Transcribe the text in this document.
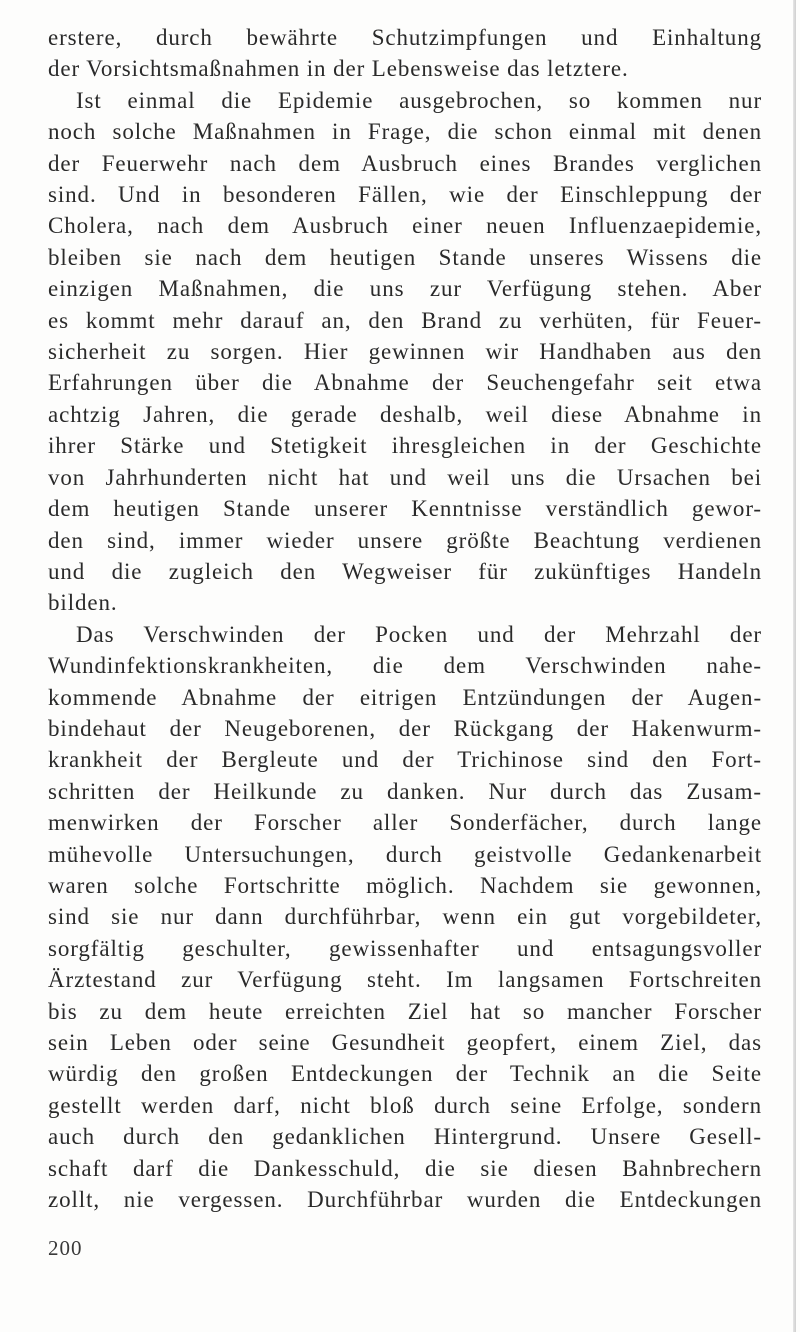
erstere, durch bewährte Schutzimpfungen und Einhaltung
der Vorsichtsmaßnahmen in der Lebensweise das letztere.
Ist einmal die Epidemie ausgebrochen, so kommen nur
noch solche Maßnahmen in Frage, die schon einmal mit denen
der Feuerwehr nach dem Ausbruch eines Brandes verglichen
sind. Und in besonderen Fällen, wie der Einschleppung der
Cholera, nach dem Ausbruch einer neuen Influenzaepidemie,
bleiben sie nach dem heutigen Stande unseres Wissens die
einzigen Maßnahmen, die uns zur Verfügung stehen. Aber
es kommt mehr darauf an, den Brand zu verhüten, für Feuer-
sicherheit zu sorgen. Hier gewinnen wir Handhaben aus den
Erfahrungen über die Abnahme der Seuchengefahr seit etwa
achtzig Jahren, die gerade deshalb, weil diese Abnahme in
ihrer Stärke und Stetigkeit ihresgleichen in der Geschichte
von Jahrhunderten nicht hat und weil uns die Ursachen bei
dem heutigen Stande unserer Kenntnisse verständlich gewor-
den sind, immer wieder unsere größte Beachtung verdienen
und die zugleich den Wegweiser für zukünftiges Handeln
bilden.
Das Verschwinden der Pocken und der Mehrzahl der
Wundinfektionskrankheiten, die dem Verschwinden nahe-
kommende Abnahme der eitrigen Entzündungen der Augen-
bindehaut der Neugeborenen, der Rückgang der Hakenwurm-
krankheit der Bergleute und der Trichinose sind den Fort-
schritten der Heilkunde zu danken. Nur durch das Zusam-
menwirken der Forscher aller Sonderfächer, durch lange
mühevolle Untersuchungen, durch geistvolle Gedankenarbeit
waren solche Fortschritte möglich. Nachdem sie gewonnen,
sind sie nur dann durchführbar, wenn ein gut vorgebildeter,
sorgfältig geschulter, gewissenhafter und entsagungsvoller
Ärztestand zur Verfügung steht. Im langsamen Fortschreiten
bis zu dem heute erreichten Ziel hat so mancher Forscher
sein Leben oder seine Gesundheit geopfert, einem Ziel, das
würdig den großen Entdeckungen der Technik an die Seite
gestellt werden darf, nicht bloß durch seine Erfolge, sondern
auch durch den gedanklichen Hintergrund. Unsere Gesell-
schaft darf die Dankesschuld, die sie diesen Bahnbrechern
zollt, nie vergessen. Durchführbar wurden die Entdeckungen
200
